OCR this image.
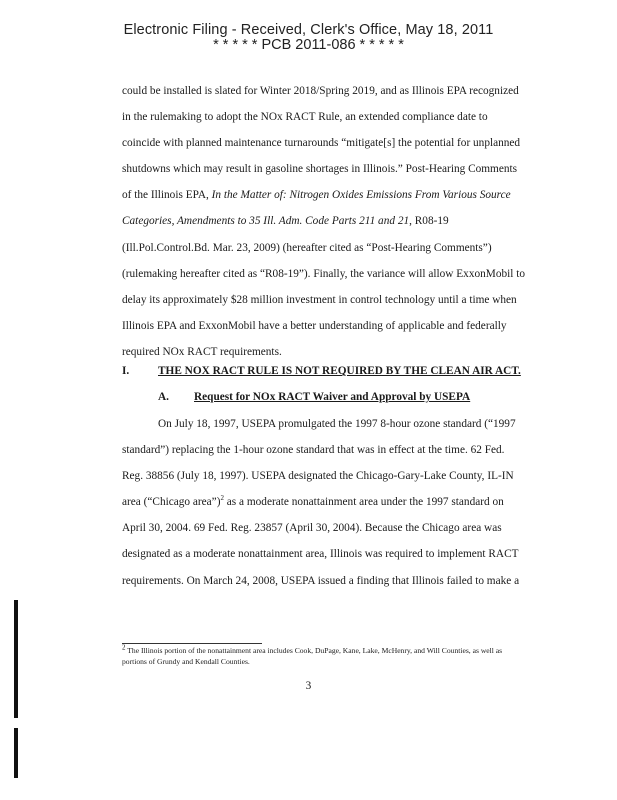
Electronic Filing - Received, Clerk's Office, May 18, 2011
* * * * * PCB 2011-086 * * * * *
could be installed is slated for Winter 2018/Spring 2019, and as Illinois EPA recognized
in the rulemaking to adopt the NOx RACT Rule, an extended compliance date to
coincide with planned maintenance turnarounds “mitigate[s] the potential for unplanned
shutdowns which may result in gasoline shortages in Illinois.” Post-Hearing Comments
of the Illinois EPA, In the Matter of: Nitrogen Oxides Emissions From Various Source
Categories, Amendments to 35 Ill. Adm. Code Parts 211 and 21, R08-19
(Ill.Pol.Control.Bd. Mar. 23, 2009) (hereafter cited as “Post-Hearing Comments”)
(rulemaking hereafter cited as “R08-19”). Finally, the variance will allow ExxonMobil to
delay its approximately $28 million investment in control technology until a time when
Illinois EPA and ExxonMobil have a better understanding of applicable and federally
required NOx RACT requirements.
I.	THE NOX RACT RULE IS NOT REQUIRED BY THE CLEAN AIR ACT.
A. Request for NOx RACT Waiver and Approval by USEPA
On July 18, 1997, USEPA promulgated the 1997 8-hour ozone standard (“1997
standard”) replacing the 1-hour ozone standard that was in effect at the time. 62 Fed.
Reg. 38856 (July 18, 1997). USEPA designated the Chicago-Gary-Lake County, IL-IN
area (“Chicago area”)$^2$ as a moderate nonattainment area under the 1997 standard on
April 30, 2004. 69 Fed. Reg. 23857 (April 30, 2004). Because the Chicago area was
designated as a moderate nonattainment area, Illinois was required to implement RACT
requirements. On March 24, 2008, USEPA issued a finding that Illinois failed to make a
$^2$ The Illinois portion of the nonattainment area includes Cook, DuPage, Kane, Lake, McHenry, and Will Counties, as well as portions of Grundy and Kendall Counties.
3
